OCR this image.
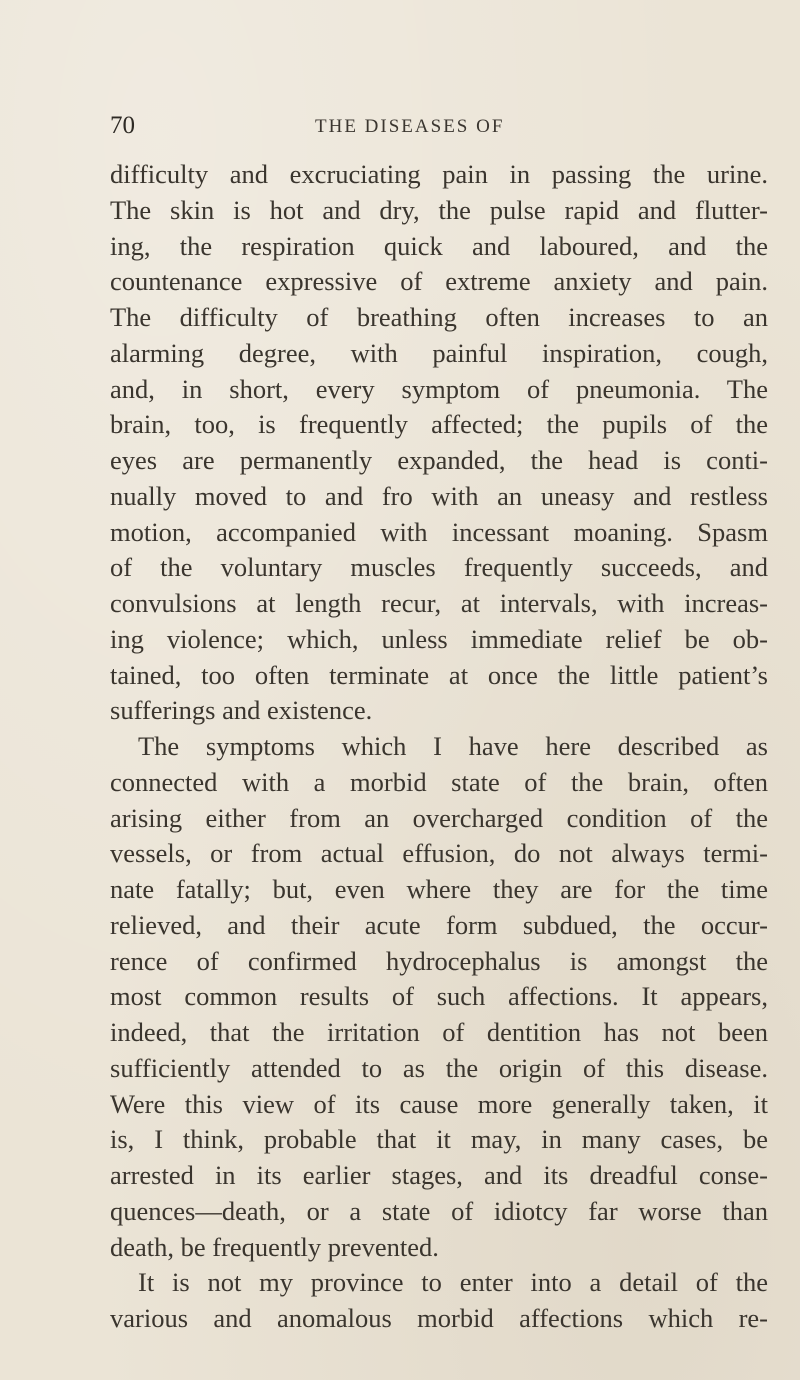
70	THE DISEASES OF
difficulty and excruciating pain in passing the urine.
The skin is hot and dry, the pulse rapid and flutter-
ing, the respiration quick and laboured, and the
countenance expressive of extreme anxiety and pain.
The difficulty of breathing often increases to an
alarming degree, with painful inspiration, cough,
and, in short, every symptom of pneumonia. The
brain, too, is frequently affected; the pupils of the
eyes are permanently expanded, the head is conti-
nually moved to and fro with an uneasy and restless
motion, accompanied with incessant moaning. Spasm
of the voluntary muscles frequently succeeds, and
convulsions at length recur, at intervals, with increas-
ing violence; which, unless immediate relief be ob-
tained, too often terminate at once the little patient’s
sufferings and existence.
The symptoms which I have here described as
connected with a morbid state of the brain, often
arising either from an overcharged condition of the
vessels, or from actual effusion, do not always termi-
nate fatally; but, even where they are for the time
relieved, and their acute form subdued, the occur-
rence of confirmed hydrocephalus is amongst the
most common results of such affections. It appears,
indeed, that the irritation of dentition has not been
sufficiently attended to as the origin of this disease.
Were this view of its cause more generally taken, it
is, I think, probable that it may, in many cases, be
arrested in its earlier stages, and its dreadful conse-
quences—death, or a state of idiotcy far worse than
death, be frequently prevented.
It is not my province to enter into a detail of the
various and anomalous morbid affections which re-
